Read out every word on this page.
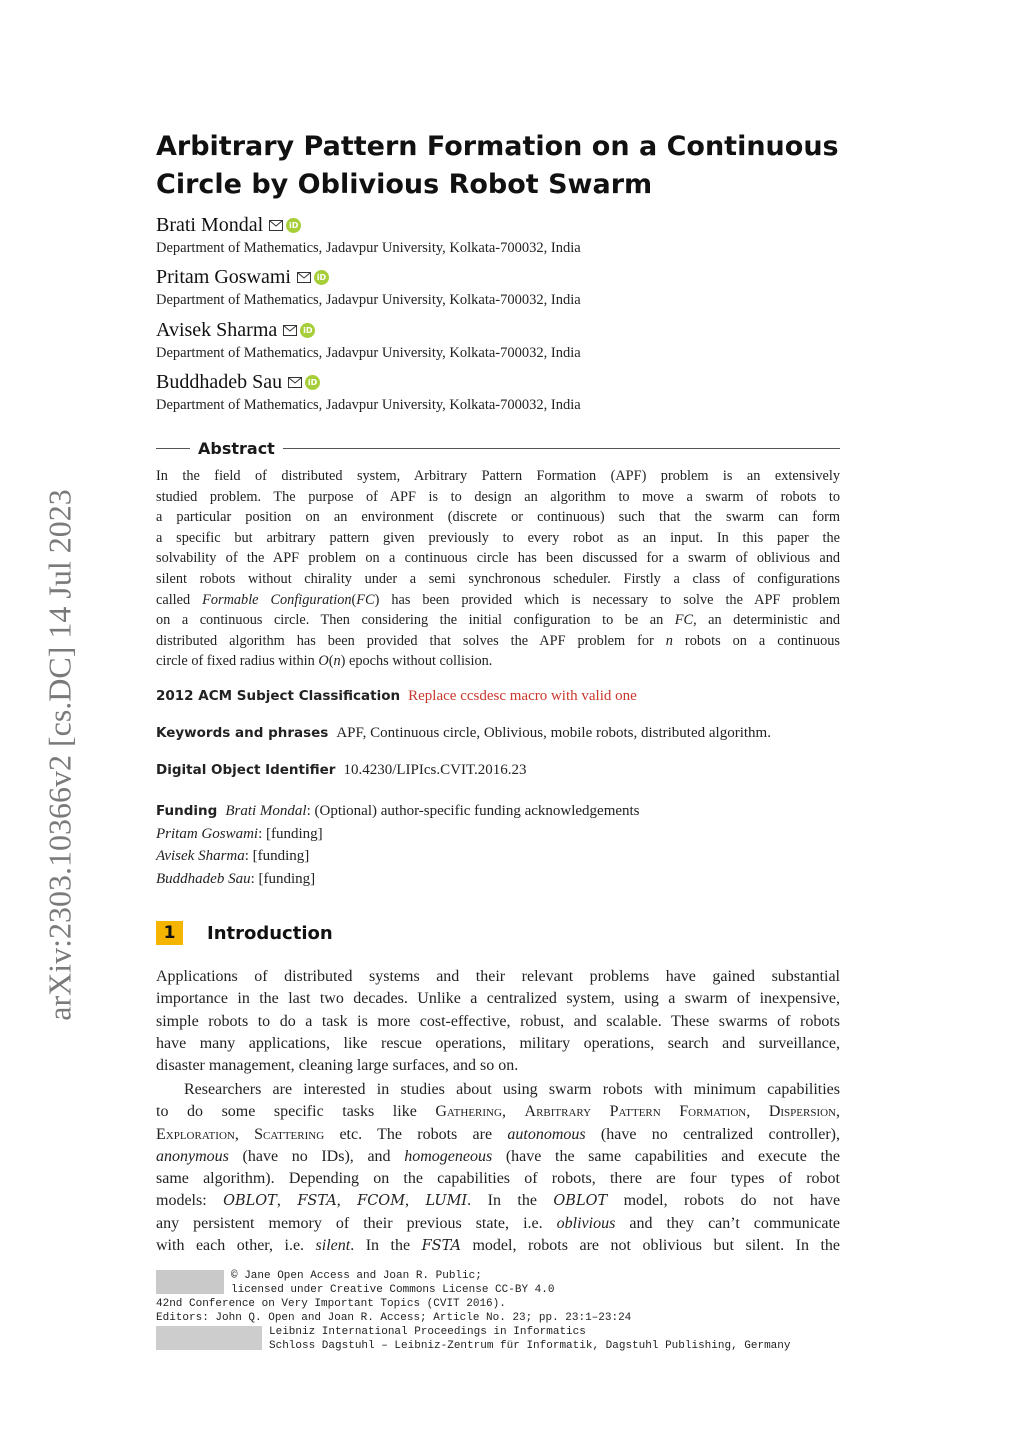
arXiv:2303.10366v2 [cs.DC] 14 Jul 2023
Arbitrary Pattern Formation on a Continuous
Circle by Oblivious Robot Swarm
Brati Mondal	iD
Department of Mathematics, Jadavpur University, Kolkata-700032, India
Pritam Goswami	iD
Department of Mathematics, Jadavpur University, Kolkata-700032, India
Avisek Sharma	iD
Department of Mathematics, Jadavpur University, Kolkata-700032, India
Buddhadeb Sau	iD
Department of Mathematics, Jadavpur University, Kolkata-700032, India
Abstract
In the field of distributed system, Arbitrary Pattern Formation (APF) problem is an extensively
studied problem. The purpose of APF is to design an algorithm to move a swarm of robots to
a particular position on an environment (discrete or continuous) such that the swarm can form
a specific but arbitrary pattern given previously to every robot as an input. In this paper the
solvability of the APF problem on a continuous circle has been discussed for a swarm of oblivious and
silent robots without chirality under a semi synchronous scheduler. Firstly a class of configurations
called Formable Configuration(FC) has been provided which is necessary to solve the APF problem
on a continuous circle. Then considering the initial configuration to be an FC, an deterministic and
distributed algorithm has been provided that solves the APF problem for n robots on a continuous
circle of fixed radius within O(n) epochs without collision.
2012 ACM Subject Classification Replace ccsdesc macro with valid one
Keywords and phrases APF, Continuous circle, Oblivious, mobile robots, distributed algorithm.
Digital Object Identifier 10.4230/LIPIcs.CVIT.2016.23
Funding Brati Mondal: (Optional) author-specific funding acknowledgements
Pritam Goswami: [funding]
Avisek Sharma: [funding]
Buddhadeb Sau: [funding]
1	Introduction
Applications of distributed systems and their relevant problems have gained substantial
importance in the last two decades. Unlike a centralized system, using a swarm of inexpensive,
simple robots to do a task is more cost-effective, robust, and scalable. These swarms of robots
have many applications, like rescue operations, military operations, search and surveillance,
disaster management, cleaning large surfaces, and so on.
Researchers are interested in studies about using swarm robots with minimum capabilities
to do some specific tasks like Gathering, Arbitrary Pattern Formation, Dispersion,
Exploration, Scattering etc. The robots are autonomous (have no centralized controller),
anonymous (have no IDs), and homogeneous (have the same capabilities and execute the
same algorithm). Depending on the capabilities of robots, there are four types of robot
models: OBLOT, FSTA, FCOM, LUMI. In the OBLOT model, robots do not have
any persistent memory of their previous state, i.e. oblivious and they can’t communicate
with each other, i.e. silent. In the FSTA model, robots are not oblivious but silent. In the
© Jane Open Access and Joan R. Public;
licensed under Creative Commons License CC-BY 4.0
42nd Conference on Very Important Topics (CVIT 2016).
Editors: John Q. Open and Joan R. Access; Article No. 23; pp. 23:1–23:24
Leibniz International Proceedings in Informatics
Schloss Dagstuhl – Leibniz-Zentrum für Informatik, Dagstuhl Publishing, Germany
